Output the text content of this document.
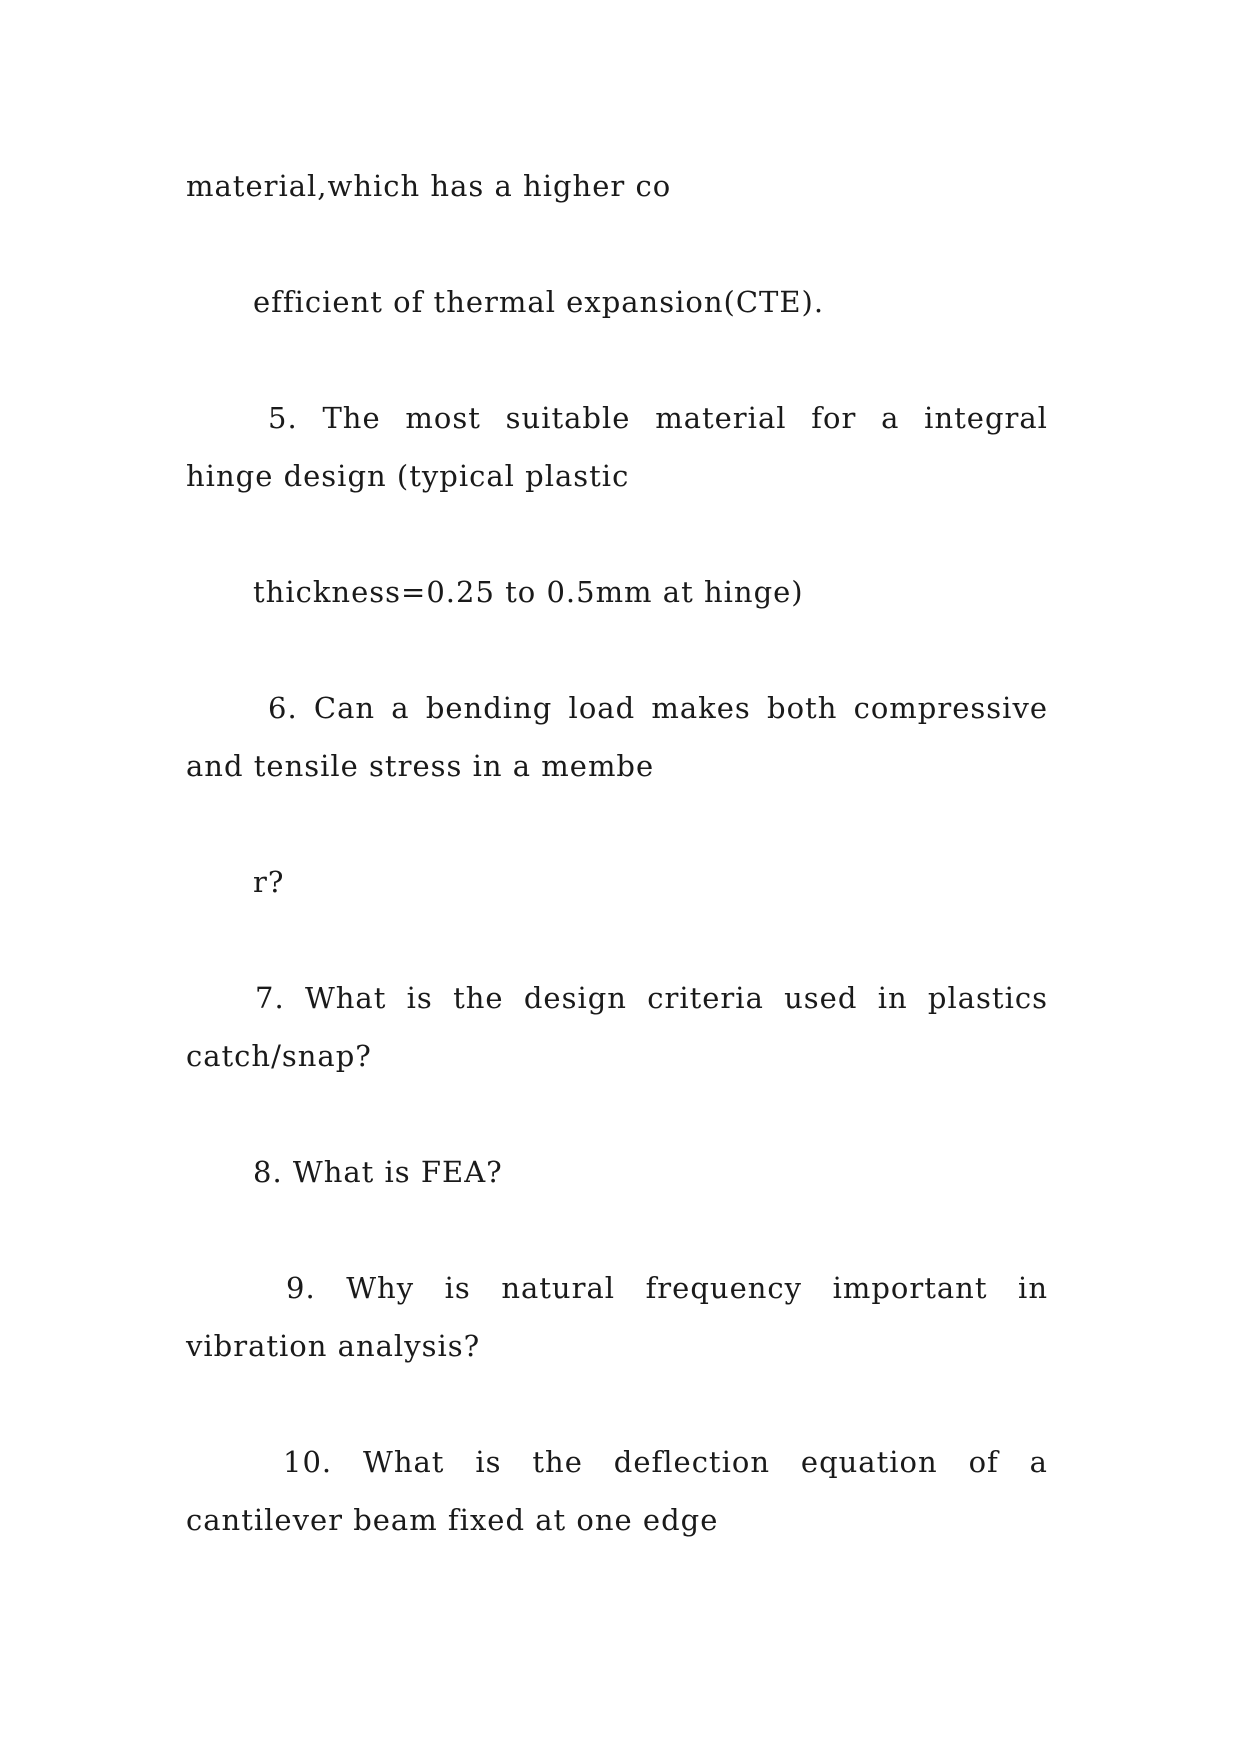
material,which has a higher co
efficient of thermal expansion(CTE).
5. The most suitable material for a integral
hinge design (typical plastic
thickness=0.25 to 0.5mm at hinge)
6. Can a bending load makes both compressive
and tensile stress in a membe
r?
7. What is the design criteria used in plastics
catch/snap?
8. What is FEA?
9. Why is natural frequency important in
vibration analysis?
10. What is the deflection equation of a
cantilever beam fixed at one edge
